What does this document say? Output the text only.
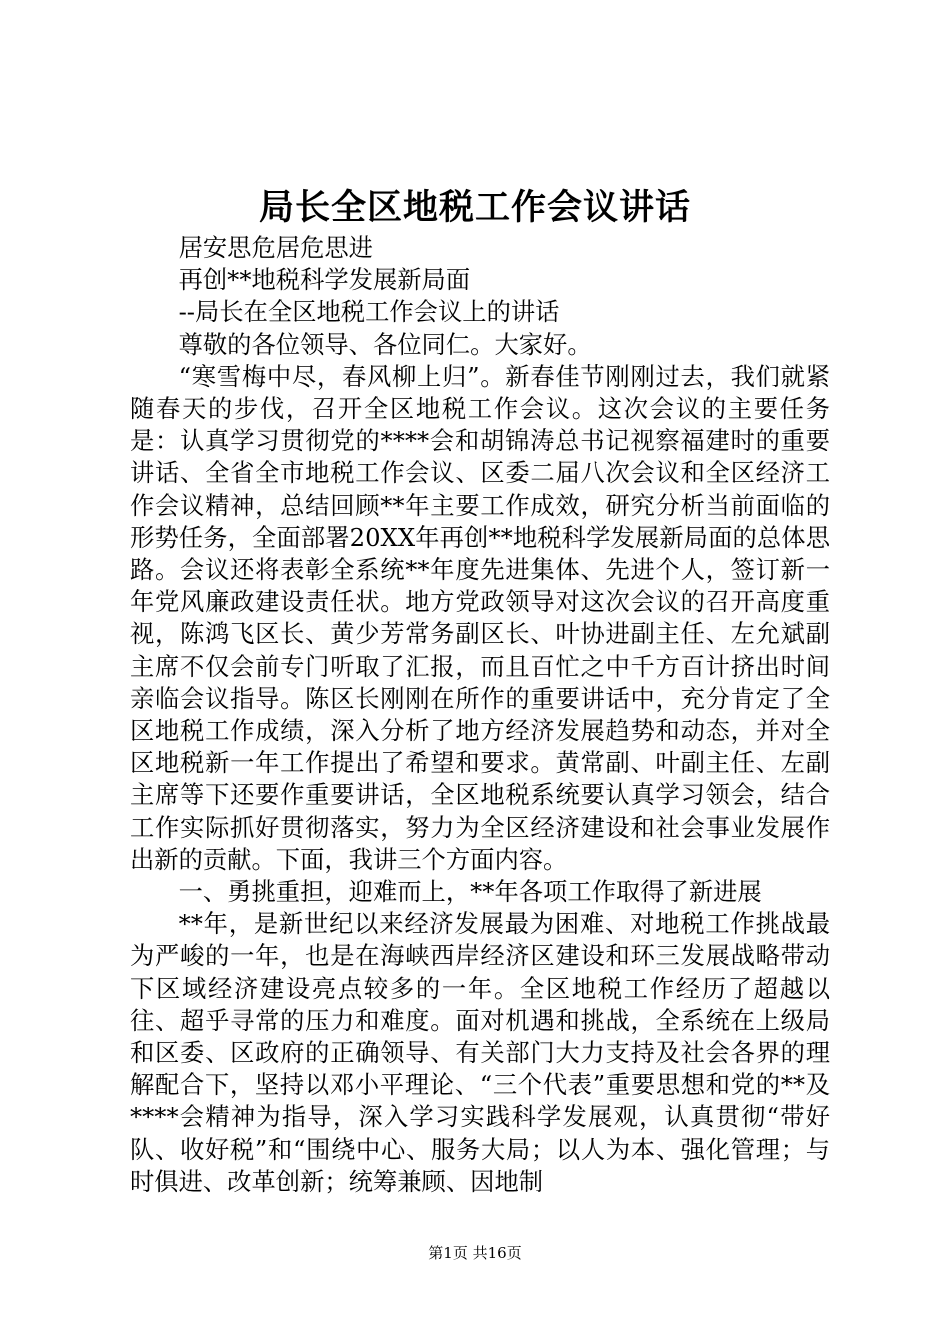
局长全区地税工作会议讲话

居安思危居危思进

再创**地税科学发展新局面

--局长在全区地税工作会议上的讲话

尊敬的各位领导、各位同仁。大家好。

“寒雪梅中尽，春风柳上归”。新春佳节刚刚过去，我们就紧随春天的步伐，召开全区地税工作会议。这次会议的主要任务是：认真学习贯彻党的****会和胡锦涛总书记视察福建时的重要讲话、全省全市地税工作会议、区委二届八次会议和全区经济工作会议精神，总结回顾**年主要工作成效，研究分析当前面临的形势任务，全面部署20XX年再创**地税科学发展新局面的总体思路。会议还将表彰全系统**年度先进集体、先进个人，签订新一年党风廉政建设责任状。地方党政领导对这次会议的召开高度重视，陈鸿飞区长、黄少芳常务副区长、叶协进副主任、左允斌副主席不仅会前专门听取了汇报，而且百忙之中千方百计挤出时间亲临会议指导。陈区长刚刚在所作的重要讲话中，充分肯定了全区地税工作成绩，深入分析了地方经济发展趋势和动态，并对全区地税新一年工作提出了希望和要求。黄常副、叶副主任、左副主席等下还要作重要讲话，全区地税系统要认真学习领会，结合工作实际抓好贯彻落实，努力为全区经济建设和社会事业发展作出新的贡献。下面，我讲三个方面内容。

一、勇挑重担，迎难而上，**年各项工作取得了新进展

**年，是新世纪以来经济发展最为困难、对地税工作挑战最为严峻的一年，也是在海峡西岸经济区建设和环三发展战略带动下区域经济建设亮点较多的一年。全区地税工作经历了超越以往、超乎寻常的压力和难度。面对机遇和挑战，全系统在上级局和区委、区政府的正确领导、有关部门大力支持及社会各界的理解配合下，坚持以邓小平理论、“三个代表”重要思想和党的**及****会精神为指导，深入学习实践科学发展观，认真贯彻“带好队、收好税”和“围绕中心、服务大局；以人为本、强化管理；与时俱进、改革创新；统筹兼顾、因地制

第1页 共16页
